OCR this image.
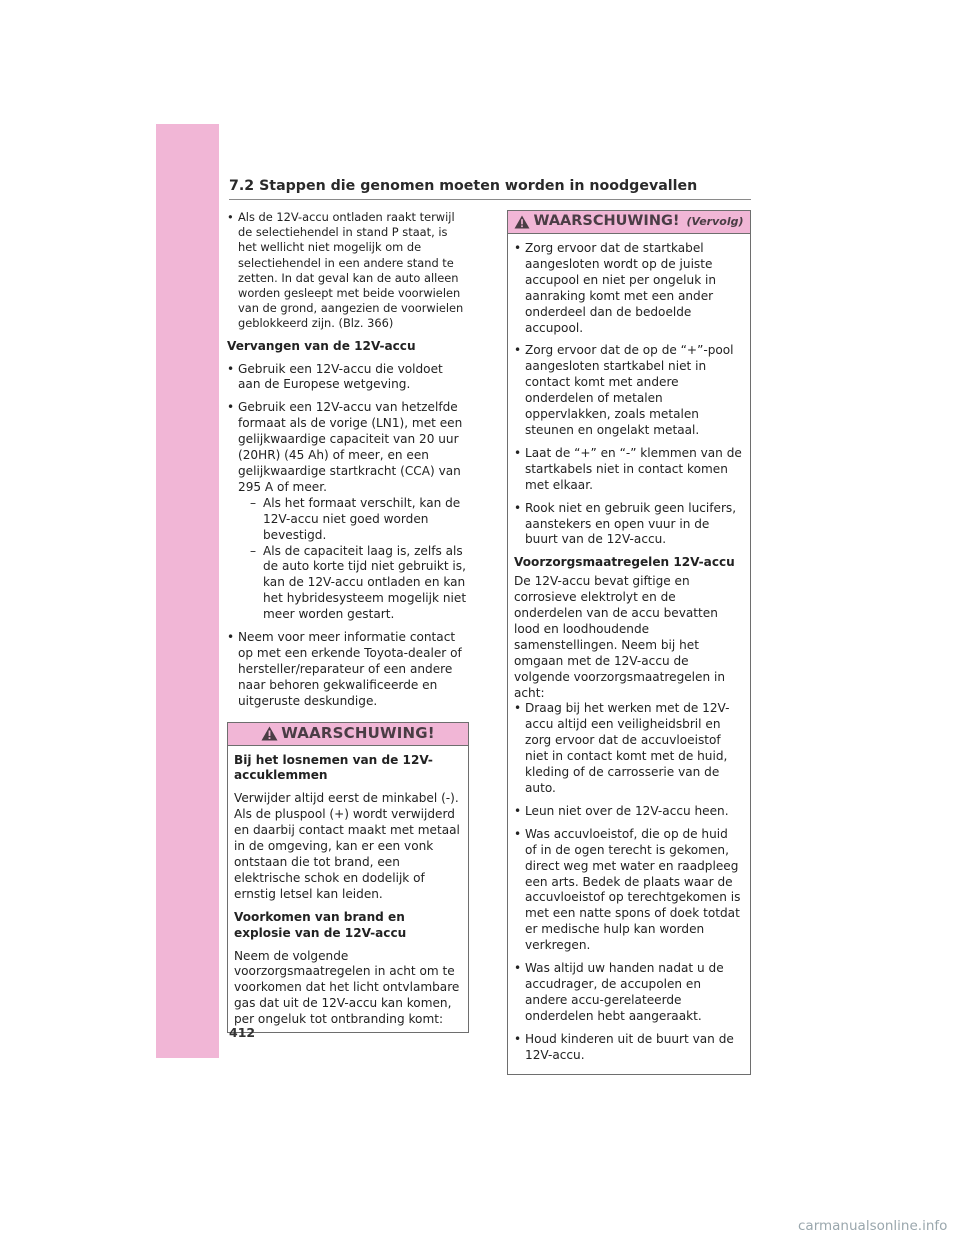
7.2 Stappen die genomen moeten worden in noodgevallen

• Als de 12V-accu ontladen raakt terwijl de selectiehendel in stand P staat, is het wellicht niet mogelijk om de selectiehendel in een andere stand te zetten. In dat geval kan de auto alleen worden gesleept met beide voorwielen van de grond, aangezien de voorwielen geblokkeerd zijn. (Blz. 366)

Vervangen van de 12V-accu

• Gebruik een 12V-accu die voldoet aan de Europese wetgeving.

• Gebruik een 12V-accu van hetzelfde formaat als de vorige (LN1), met een gelijkwaardige capaciteit van 20 uur (20HR) (45 Ah) of meer, en een gelijkwaardige startkracht (CCA) van 295 A of meer.

– Als het formaat verschilt, kan de 12V-accu niet goed worden bevestigd.

– Als de capaciteit laag is, zelfs als de auto korte tijd niet gebruikt is, kan de 12V-accu ontladen en kan het hybridesysteem mogelijk niet meer worden gestart.

• Neem voor meer informatie contact op met een erkende Toyota-dealer of hersteller/reparateur of een andere naar behoren gekwalificeerde en uitgeruste deskundige.

WAARSCHUWING!

Bij het losnemen van de 12V-accuklemmen

Verwijder altijd eerst de minkabel (-). Als de pluspool (+) wordt verwijderd en daarbij contact maakt met metaal in de omgeving, kan er een vonk ontstaan die tot brand, een elektrische schok en dodelijk of ernstig letsel kan leiden.

Voorkomen van brand en explosie van de 12V-accu

Neem de volgende voorzorgsmaatregelen in acht om te voorkomen dat het licht ontvlambare gas dat uit de 12V-accu kan komen, per ongeluk tot ontbranding komt:

WAARSCHUWING! (Vervolg)

• Zorg ervoor dat de startkabel aangesloten wordt op de juiste accupool en niet per ongeluk in aanraking komt met een ander onderdeel dan de bedoelde accupool.

• Zorg ervoor dat de op de “+”-pool aangesloten startkabel niet in contact komt met andere onderdelen of metalen oppervlakken, zoals metalen steunen en ongelakt metaal.

• Laat de “+” en “-” klemmen van de startkabels niet in contact komen met elkaar.

• Rook niet en gebruik geen lucifers, aanstekers en open vuur in de buurt van de 12V-accu.

Voorzorgsmaatregelen 12V-accu

De 12V-accu bevat giftige en corrosieve elektrolyt en de onderdelen van de accu bevatten lood en loodhoudende samenstellingen. Neem bij het omgaan met de 12V-accu de volgende voorzorgsmaatregelen in acht:

• Draag bij het werken met de 12V-accu altijd een veiligheidsbril en zorg ervoor dat de accuvloeistof niet in contact komt met de huid, kleding of de carrosserie van de auto.

• Leun niet over de 12V-accu heen.

• Was accuvloeistof, die op de huid of in de ogen terecht is gekomen, direct weg met water en raadpleeg een arts. Bedek de plaats waar de accuvloeistof op terechtgekomen is met een natte spons of doek totdat er medische hulp kan worden verkregen.

• Was altijd uw handen nadat u de accudrager, de accupolen en andere accu-gerelateerde onderdelen hebt aangeraakt.

• Houd kinderen uit de buurt van de 12V-accu.

412
carmanualsonline.info
